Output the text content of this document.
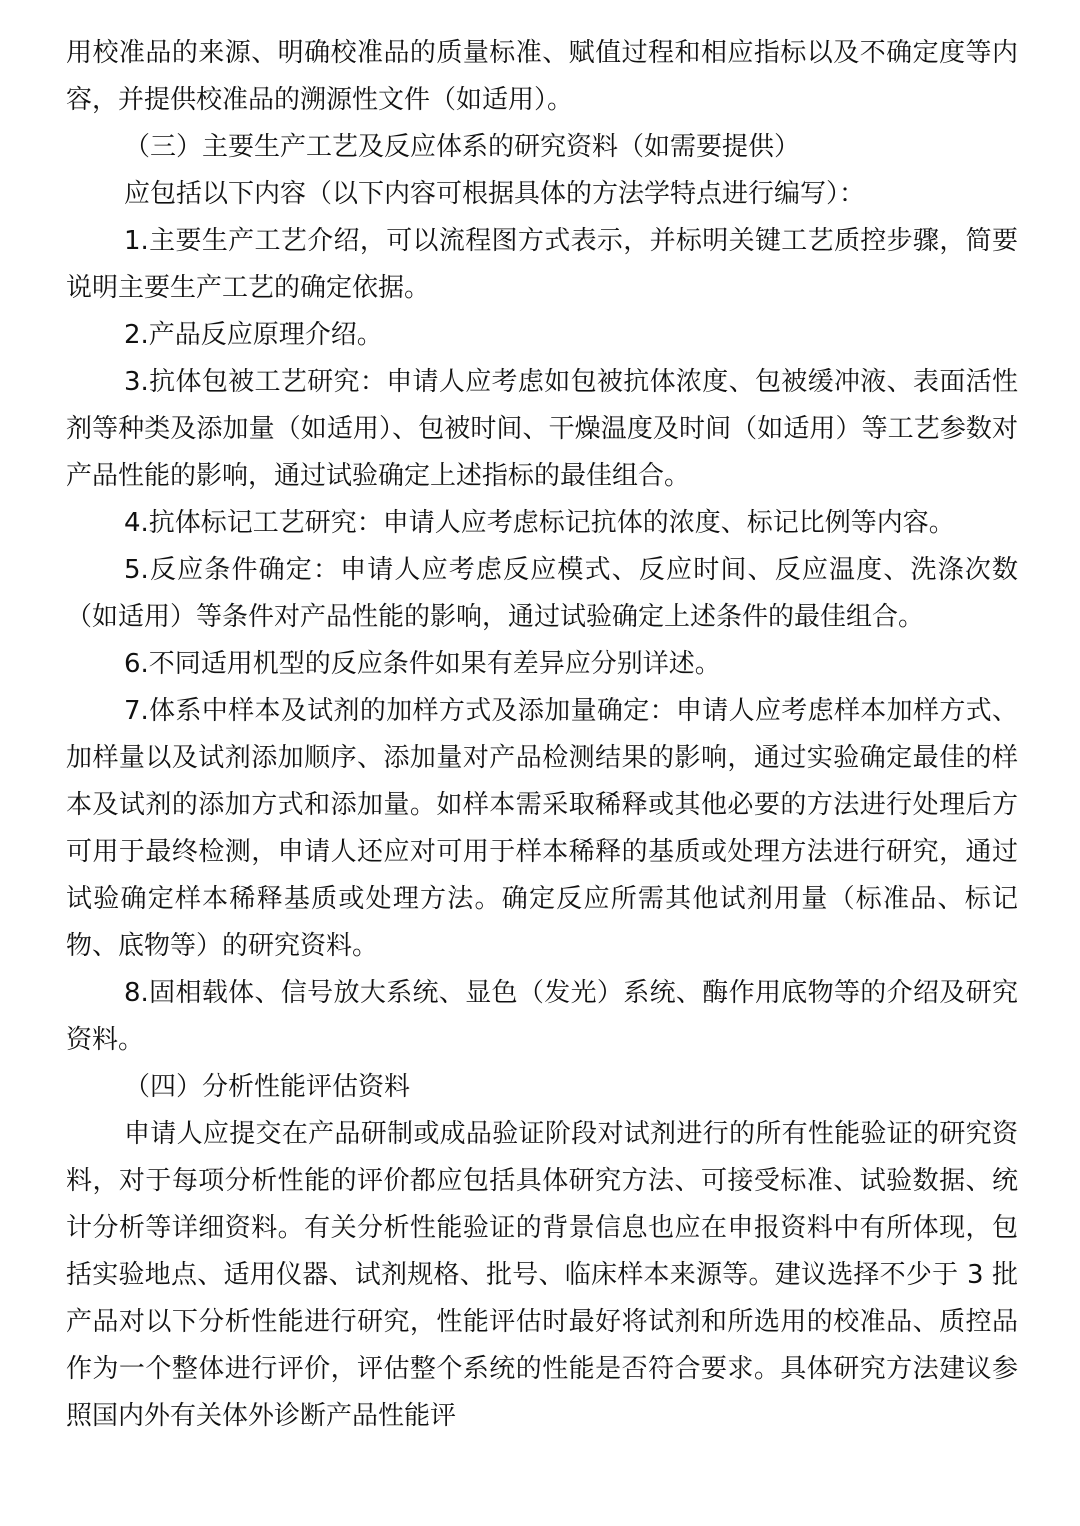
用校准品的来源、明确校准品的质量标准、赋值过程和相应指标以及不确定度等内容，并提供校准品的溯源性文件（如适用）。

（三）主要生产工艺及反应体系的研究资料（如需要提供）

应包括以下内容（以下内容可根据具体的方法学特点进行编写）：

1.主要生产工艺介绍，可以流程图方式表示，并标明关键工艺质控步骤，简要说明主要生产工艺的确定依据。

2.产品反应原理介绍。

3.抗体包被工艺研究：申请人应考虑如包被抗体浓度、包被缓冲液、表面活性剂等种类及添加量（如适用）、包被时间、干燥温度及时间（如适用）等工艺参数对产品性能的影响，通过试验确定上述指标的最佳组合。

4.抗体标记工艺研究：申请人应考虑标记抗体的浓度、标记比例等内容。

5.反应条件确定：申请人应考虑反应模式、反应时间、反应温度、洗涤次数（如适用）等条件对产品性能的影响，通过试验确定上述条件的最佳组合。

6.不同适用机型的反应条件如果有差异应分别详述。

7.体系中样本及试剂的加样方式及添加量确定：申请人应考虑样本加样方式、加样量以及试剂添加顺序、添加量对产品检测结果的影响，通过实验确定最佳的样本及试剂的添加方式和添加量。如样本需采取稀释或其他必要的方法进行处理后方可用于最终检测，申请人还应对可用于样本稀释的基质或处理方法进行研究，通过试验确定样本稀释基质或处理方法。确定反应所需其他试剂用量（标准品、标记物、底物等）的研究资料。

8.固相载体、信号放大系统、显色（发光）系统、酶作用底物等的介绍及研究资料。

（四）分析性能评估资料

申请人应提交在产品研制或成品验证阶段对试剂进行的所有性能验证的研究资料，对于每项分析性能的评价都应包括具体研究方法、可接受标准、试验数据、统计分析等详细资料。有关分析性能验证的背景信息也应在申报资料中有所体现，包括实验地点、适用仪器、试剂规格、批号、临床样本来源等。建议选择不少于 3 批产品对以下分析性能进行研究，性能评估时最好将试剂和所选用的校准品、质控品作为一个整体进行评价，评估整个系统的性能是否符合要求。具体研究方法建议参照国内外有关体外诊断产品性能评
